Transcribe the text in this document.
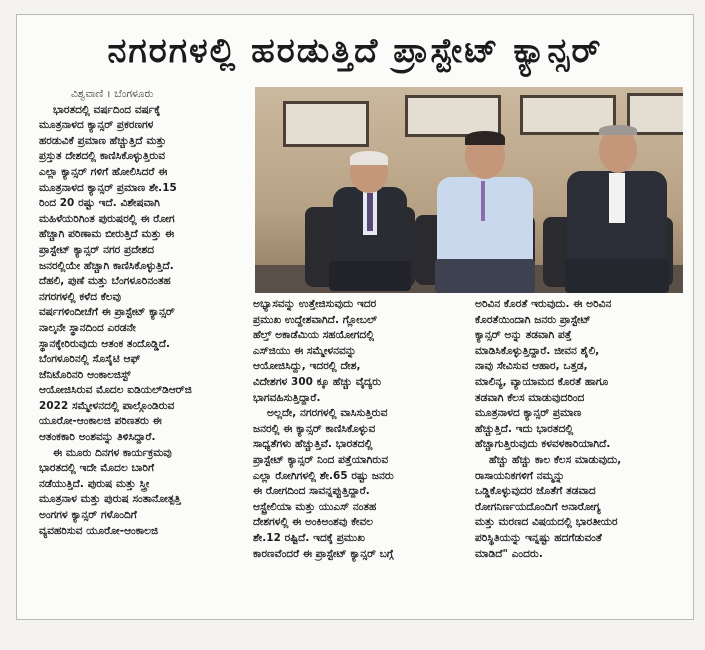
ನಗರಗಳಲ್ಲಿ ಹರಡುತ್ತಿದೆ ಪ್ರಾಸ್ಟೇಟ್ ಕ್ಯಾನ್ಸರ್
ವಿಶ್ವವಾಣಿ । ಬೆಂಗಳೂರು
ಭಾರತದಲ್ಲಿ ವರ್ಷದಿಂದ ವರ್ಷಕ್ಕೆ
ಮೂತ್ರನಾಳದ ಕ್ಯಾನ್ಸರ್ ಪ್ರಕರಣಗಳ
ಹರಡುವಿಕೆ ಪ್ರಮಾಣ ಹೆಚ್ಚುತ್ತಿದೆ ಮತ್ತು
ಪ್ರಸ್ತುತ ದೇಶದಲ್ಲಿ ಕಾಣಿಸಿಕೊಳ್ಳುತ್ತಿರುವ
ಎಲ್ಲಾ ಕ್ಯಾನ್ಸರ್ ಗಳಿಗೆ ಹೋಲಿಸಿದರೆ ಈ
ಮೂತ್ರನಾಳದ ಕ್ಯಾನ್ಸರ್ ಪ್ರಮಾಣ ಶೇ.15
ರಿಂದ 20 ರಷ್ಟು ಇದೆ. ವಿಶೇಷವಾಗಿ
ಮಹಿಳೆಯರಿಗಿಂತ ಪುರುಷರಲ್ಲಿ ಈ ರೋಗ
ಹೆಚ್ಚಾಗಿ ಪರಿಣಾಮ ಬೀರುತ್ತಿದೆ ಮತ್ತು ಈ
ಪ್ರಾಸ್ಟೇಟ್ ಕ್ಯಾನ್ಸರ್ ನಗರ ಪ್ರದೇಶದ
ಜನರಲ್ಲಿಯೇ ಹೆಚ್ಚಾಗಿ ಕಾಣಿಸಿಕೊಳ್ಳುತ್ತಿದೆ.
ದೆಹಲಿ, ಪುಣೆ ಮತ್ತು ಬೆಂಗಳೂರಿನಂತಹ
ನಗರಗಳಲ್ಲಿ ಕಳೆದ ಕೆಲವು
ವರ್ಷಗಳಿಂದೀಚೆಗೆ ಈ ಪ್ರಾಸ್ಟೇಟ್ ಕ್ಯಾನ್ಸರ್
ನಾಲ್ಕನೇ ಸ್ಥಾನದಿಂದ ಎರಡನೇ
ಸ್ಥಾನಕ್ಕೇರಿರುವುದು ಆತಂಕ ತಂದೊಡ್ಡಿದೆ.
ಬೆಂಗಳೂರಿನಲ್ಲಿ ಸೊಸೈಟಿ ಆಫ್
ಜೆನಿಟೊರಿನರಿ ಆಂಕಾಲಜಿಸ್ಟ್
ಆಯೋಜಿಸಿರುವ ಮೊದಲ ಐಡಿಯಲ್‌ಡಿಆರ್‌ಜಿ
2022 ಸಮ್ಮೇಳನದಲ್ಲಿ ಪಾಲ್ಗೊಂಡಿರುವ
ಯೂರೋ-ಆಂಕಾಲಜಿ ಪರಿಣತರು ಈ
ಆತಂಕಕಾರಿ ಅಂಶವನ್ನು ತಿಳಿಸಿದ್ದಾರೆ.
ಈ ಮೂರು ದಿನಗಳ ಕಾರ್ಯಕ್ರಮವು
ಭಾರತದಲ್ಲಿ ಇದೇ ಮೊದಲ ಬಾರಿಗೆ
ನಡೆಯುತ್ತಿದೆ. ಪುರುಷ ಮತ್ತು ಸ್ತ್ರೀ
ಮೂತ್ರನಾಳ ಮತ್ತು ಪುರುಷ ಸಂತಾನೋತ್ಪತ್ತಿ
ಅಂಗಗಳ ಕ್ಯಾನ್ಸರ್ ಗಳೊಂದಿಗೆ
ವ್ಯವಹರಿಸುವ ಯೂರೋ-ಆಂಕಾಲಜಿ
ಅಭ್ಯಾಸವನ್ನು ಉತ್ತೇಜಿಸುವುದು ಇದರ
ಪ್ರಮುಖ ಉದ್ದೇಶವಾಗಿದೆ. ಗ್ಲೋಬಲ್
ಹೆಲ್ತ್ ಅಕಾಡೆಮಿಯ ಸಹಯೋಗದಲ್ಲಿ
ಎಸ್‌ಜಿಯು ಈ ಸಮ್ಮೇಳನವನ್ನು
ಆಯೋಜಿಸಿದ್ದು, ಇದರಲ್ಲಿ ದೇಶ,
ವಿದೇಶಗಳ 300 ಕ್ಕೂ ಹೆಚ್ಚು ವೈದ್ಯರು
ಭಾಗವಹಿಸುತ್ತಿದ್ದಾರೆ.
ಅಲ್ಲದೇ, ನಗರಗಳಲ್ಲಿ ವಾಸಿಸುತ್ತಿರುವ
ಜನರಲ್ಲಿ ಈ ಕ್ಯಾನ್ಸರ್ ಕಾಣಿಸಿಕೊಳ್ಳುವ
ಸಾಧ್ಯತೆಗಳು ಹೆಚ್ಚುತ್ತಿವೆ. ಭಾರತದಲ್ಲಿ
ಪ್ರಾಸ್ಟೇಟ್ ಕ್ಯಾನ್ಸರ್ ನಿಂದ ಪತ್ತೆಯಾಗಿರುವ
ಎಲ್ಲಾ ರೋಗಿಗಳಲ್ಲಿ ಶೇ.65 ರಷ್ಟು ಜನರು
ಈ ರೋಗದಿಂದ ಸಾವನ್ನಪ್ಪುತ್ತಿದ್ದಾರೆ.
ಆಸ್ಟ್ರೇಲಿಯಾ ಮತ್ತು ಯುಎಸ್ ನಂತಹ
ದೇಶಗಳಲ್ಲಿ ಈ ಅಂಕಿಅಂಶವು ಕೇವಲ
ಶೇ.12 ರಷ್ಟಿದೆ. ಇದಕ್ಕೆ ಪ್ರಮುಖ
ಕಾರಣವೆಂದರೆ ಈ ಪ್ರಾಸ್ಟೇಟ್ ಕ್ಯಾನ್ಸರ್ ಬಗ್ಗೆ
ಅರಿವಿನ ಕೊರತೆ ಇರುವುದು. ಈ ಅರಿವಿನ
ಕೊರತೆಯಿಂದಾಗಿ ಜನರು ಪ್ರಾಸ್ಟೇಟ್
ಕ್ಯಾನ್ಸರ್ ಅನ್ನು ತಡವಾಗಿ ಪತ್ತೆ
ಮಾಡಿಸಿಕೊಳ್ಳುತ್ತಿದ್ದಾರೆ. ಜೀವನ ಶೈಲಿ,
ನಾವು ಸೇವಿಸುವ ಆಹಾರ, ಒತ್ತಡ,
ಮಾಲಿನ್ಯ, ವ್ಯಾಯಾಮದ ಕೊರತೆ ಹಾಗೂ
ತಡವಾಗಿ ಕೆಲಸ ಮಾಡುವುದರಿಂದ
ಮೂತ್ರನಾಳದ ಕ್ಯಾನ್ಸರ್ ಪ್ರಮಾಣ
ಹೆಚ್ಚುತ್ತಿದೆ. ಇದು ಭಾರತದಲ್ಲಿ
ಹೆಚ್ಚಾಗುತ್ತಿರುವುದು ಕಳವಳಕಾರಿಯಾಗಿದೆ.
ಹೆಚ್ಚು ಹೆಚ್ಚು ಕಾಲ ಕೆಲಸ ಮಾಡುವುದು,
ರಾಸಾಯನಿಕಗಳಿಗೆ ನಮ್ಮನ್ನು
ಒಡ್ಡಿಕೊಳ್ಳುವುದರ ಜೊತೆಗೆ ತಡವಾದ
ರೋಗನಿರ್ಣಯದೊಂದಿಗೆ ಅನಾರೋಗ್ಯ
ಮತ್ತು ಮರಣದ ವಿಷಯದಲ್ಲಿ ಭಾರತೀಯರ
ಪರಿಸ್ಥಿತಿಯನ್ನು ಇನ್ನಷ್ಟು ಹದಗೆಡುವಂತೆ
ಮಾಡಿದೆ" ಎಂದರು.
